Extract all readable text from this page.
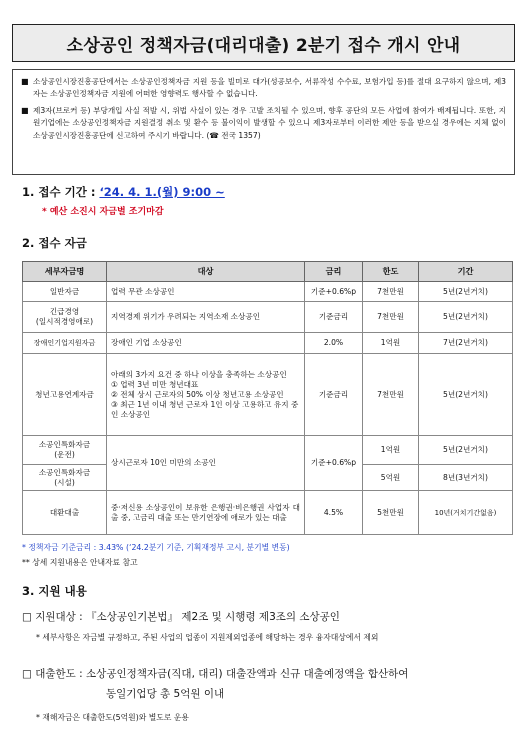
소상공인 정책자금(대리대출) 2분기 접수 개시 안내
■ 소상공인시장진흥공단에서는 소상공인정책자금 지원 등을 빌미로 대가(성공보수, 서류작성 수수료, 보험가입 등)를 절대 요구하지 않으며, 제3자는 소상공인정책자금 지원에 어떠한 영향력도 행사할 수 없습니다.
■ 제3자(브로커 등) 부당개입 사실 적발 시, 위법 사실이 있는 경우 고발 조치될 수 있으며, 향후 공단의 모든 사업에 참여가 배제됩니다. 또한, 지원기업에는 소상공인정책자금 지원결정 취소 및 환수 등 불이익이 발생할 수 있으니 제3자로부터 이러한 제안 등을 받으실 경우에는 지체 없이 소상공인시장진흥공단에 신고하여 주시기 바랍니다. (☎ 전국 1357)
1. 접수 기간 : ‘24. 4. 1.(월) 9:00 ~
* 예산 소진시 자금별 조기마감
2. 접수 자금
세부자금명	대상	금리	한도	기간
일반자금	업력 무관 소상공인	기준+0.6%p	7천만원	5년(2년거치)
긴급경영
(일시적경영애로)	지역경제 위기가 우려되는 지역소재 소상공인	기준금리	7천만원	5년(2년거치)
장애인기업지원자금	장애인 기업 소상공인	2.0%	1억원	7년(2년거치)
청년고용연계자금	아래의 3가지 요건 중 하나 이상을 충족하는 소상공인
① 업력 3년 미만 청년대표
② 전체 상시 근로자의 50% 이상 청년고용 소상공인
③ 최근 1년 이내 청년 근로자 1인 이상 고용하고 유지 중인 소상공인	기준금리	7천만원	5년(2년거치)
소공인특화자금
(운전)	상시근로자 10인 미만의 소공인	기준+0.6%p	1억원	5년(2년거치)
소공인특화자금
(시설)			5억원	8년(3년거치)
대환대출	중·저신용 소상공인이 보유한 은행권·비은행권 사업자 대출 중, 고금리 대출 또는 만기연장에 애로가 있는 대출	4.5%	5천만원	10년(거치기간없음)
* 정책자금 기준금리 : 3.43% (‘24.2분기 기준, 기획재정부 고시, 분기별 변동)
** 상세 지원내용은 안내자료 참고
3. 지원 내용
□ 지원대상 : 『소상공인기본법』 제2조 및 시행령 제3조의 소상공인
* 세부사항은 자금별 규정하고, 주된 사업의 업종이 지원제외업종에 해당하는 경우 융자대상에서 제외
□ 대출한도 : 소상공인정책자금(직대, 대리) 대출잔액과 신규 대출예정액을 합산하여
동일기업당 총 5억원 이내
* 재해자금은 대출한도(5억원)와 별도로 운용
